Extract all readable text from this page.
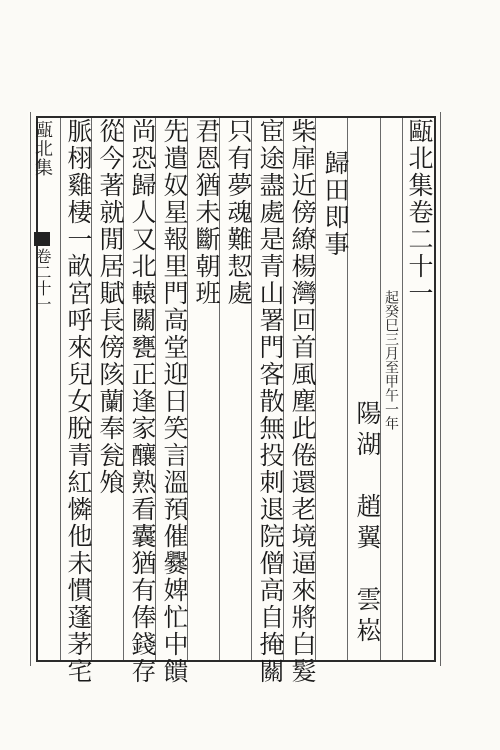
甌北集
卷二十一	甌北集卷二十一
起癸巳三月至甲午一年
陽湖　趙翼　雲崧
歸田即事
柴扉近傍繚楊灣回首風塵此倦還老境逼來將白髮
宦途盡處是青山署門客散無投刺退院僧高自掩關
只有夢魂難恝處
君恩猶未斷朝班
先遣奴星報里門高堂迎日笑言溫預催爨婢忙中饋
尚恐歸人又北轅關甕正逢家釀熟看囊猶有俸錢存
從今著就閒居賦長傍陔蘭奉瓮飧
脈栩雞棲一畝宮呼來兒女脫青紅憐他未慣蓬茅宅
